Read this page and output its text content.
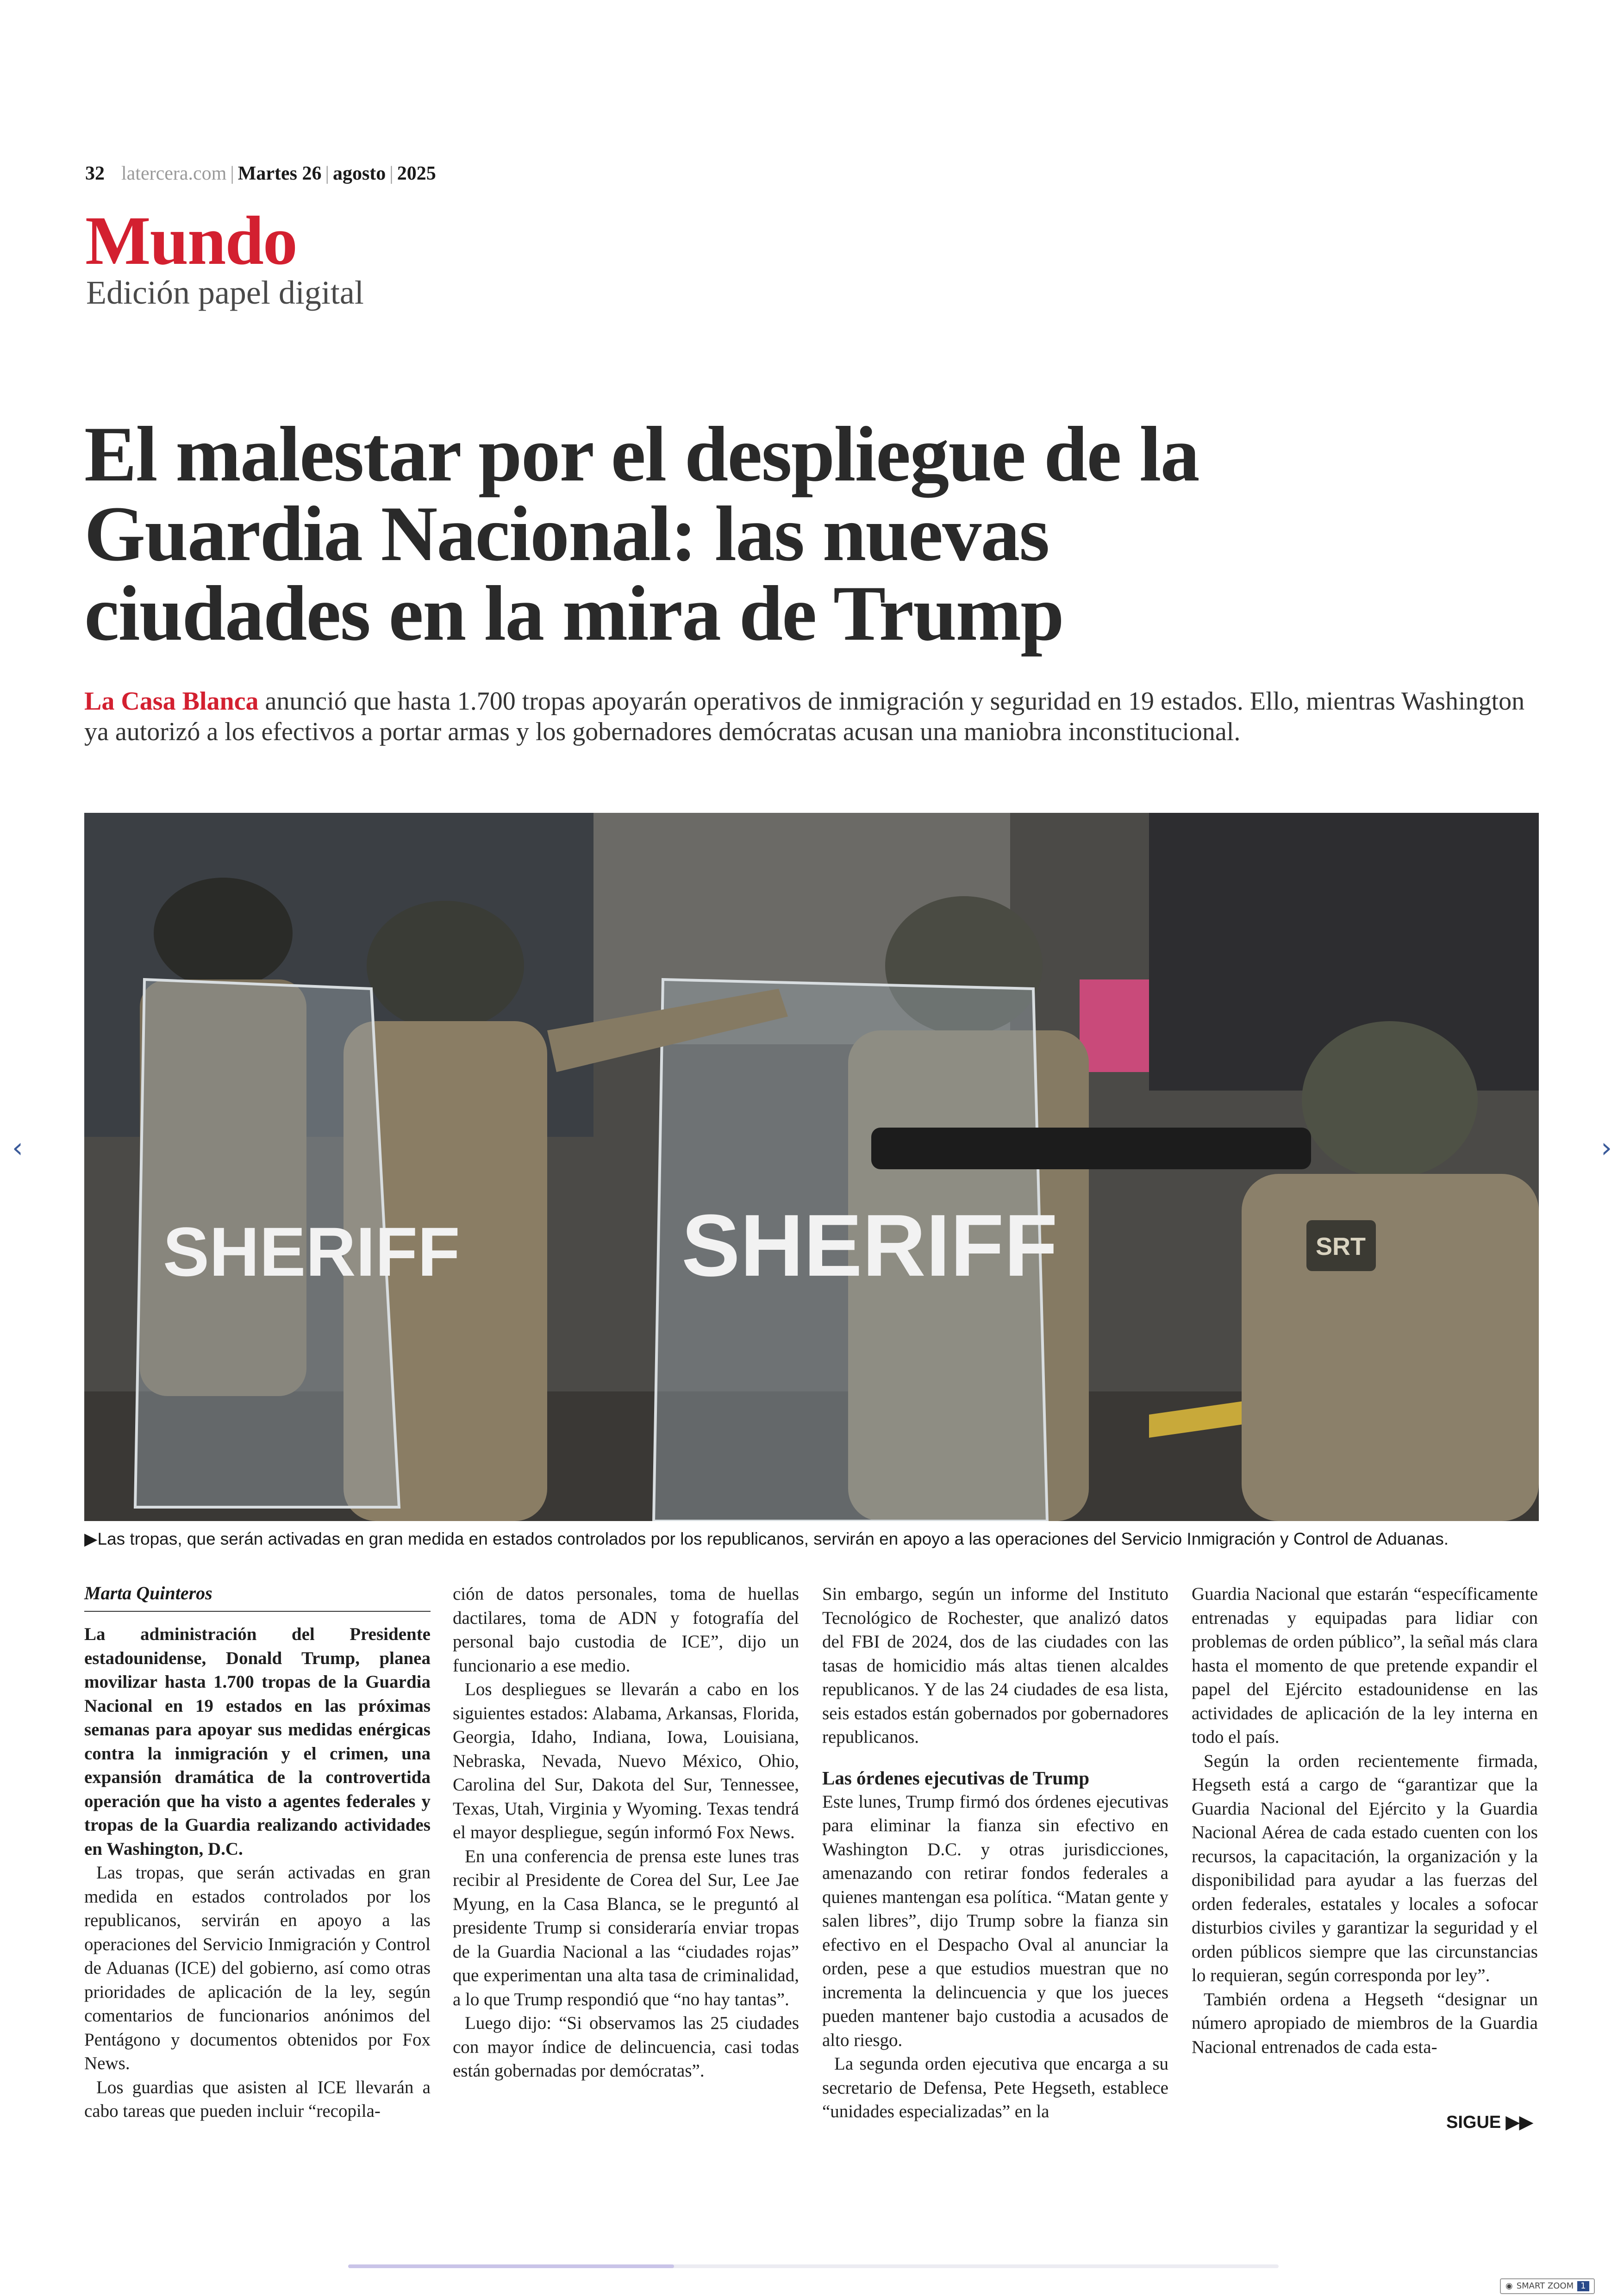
32 latercera.com | Martes 26 | agosto | 2025
Mundo
Edición papel digital
El malestar por el despliegue de la Guardia Nacional: las nuevas ciudades en la mira de Trump
La Casa Blanca anunció que hasta 1.700 tropas apoyarán operativos de inmigración y seguridad en 19 estados. Ello, mientras Washington ya autorizó a los efectivos a portar armas y los gobernadores demócratas acusan una maniobra inconstitucional.
SHERIFF	SHERIFF	SRT
‹	›
▶Las tropas, que serán activadas en gran medida en estados controlados por los republicanos, servirán en apoyo a las operaciones del Servicio Inmigración y Control de Aduanas.
Marta Quinteros

La administración del Presidente estadounidense, Donald Trump, planea movilizar hasta 1.700 tropas de la Guardia Nacional en 19 estados en las próximas semanas para apoyar sus medidas enérgicas contra la inmigración y el crimen, una expansión dramática de la controvertida operación que ha visto a agentes federales y tropas de la Guardia realizando actividades en Washington, D.C.

Las tropas, que serán activadas en gran medida en estados controlados por los republicanos, servirán en apoyo a las operaciones del Servicio Inmigración y Control de Aduanas (ICE) del gobierno, así como otras prioridades de aplicación de la ley, según comentarios de funcionarios anónimos del Pentágono y documentos obtenidos por Fox News.

Los guardias que asisten al ICE llevarán a cabo tareas que pueden incluir “recopila-

ción de datos personales, toma de huellas dactilares, toma de ADN y fotografía del personal bajo custodia de ICE”, dijo un funcionario a ese medio.

Los despliegues se llevarán a cabo en los siguientes estados: Alabama, Arkansas, Florida, Georgia, Idaho, Indiana, Iowa, Louisiana, Nebraska, Nevada, Nuevo México, Ohio, Carolina del Sur, Dakota del Sur, Tennessee, Texas, Utah, Virginia y Wyoming. Texas tendrá el mayor despliegue, según informó Fox News.

En una conferencia de prensa este lunes tras recibir al Presidente de Corea del Sur, Lee Jae Myung, en la Casa Blanca, se le preguntó al presidente Trump si consideraría enviar tropas de la Guardia Nacional a las “ciudades rojas” que experimentan una alta tasa de criminalidad, a lo que Trump respondió que “no hay tantas”.

Luego dijo: “Si observamos las 25 ciudades con mayor índice de delincuencia, casi todas están gobernadas por demócratas”.

Sin embargo, según un informe del Instituto Tecnológico de Rochester, que analizó datos del FBI de 2024, dos de las ciudades con las tasas de homicidio más altas tienen alcaldes republicanos. Y de las 24 ciudades de esa lista, seis estados están gobernados por gobernadores republicanos.

Las órdenes ejecutivas de Trump

Este lunes, Trump firmó dos órdenes ejecutivas para eliminar la fianza sin efectivo en Washington D.C. y otras jurisdicciones, amenazando con retirar fondos federales a quienes mantengan esa política. “Matan gente y salen libres”, dijo Trump sobre la fianza sin efectivo en el Despacho Oval al anunciar la orden, pese a que estudios muestran que no incrementa la delincuencia y que los jueces pueden mantener bajo custodia a acusados de alto riesgo.

La segunda orden ejecutiva que encarga a su secretario de Defensa, Pete Hegseth, establece “unidades especializadas” en la

Guardia Nacional que estarán “específicamente entrenadas y equipadas para lidiar con problemas de orden público”, la señal más clara hasta el momento de que pretende expandir el papel del Ejército estadounidense en las actividades de aplicación de la ley interna en todo el país.

Según la orden recientemente firmada, Hegseth está a cargo de “garantizar que la Guardia Nacional del Ejército y la Guardia Nacional Aérea de cada estado cuenten con los recursos, la capacitación, la organización y la disponibilidad para ayudar a las fuerzas del orden federales, estatales y locales a sofocar disturbios civiles y garantizar la seguridad y el orden públicos siempre que las circunstancias lo requieran, según corresponda por ley”.

También ordena a Hegseth “designar un número apropiado de miembros de la Guardia Nacional entrenados de cada esta-

SIGUE ▶▶
◉ SMART ZOOM 1
